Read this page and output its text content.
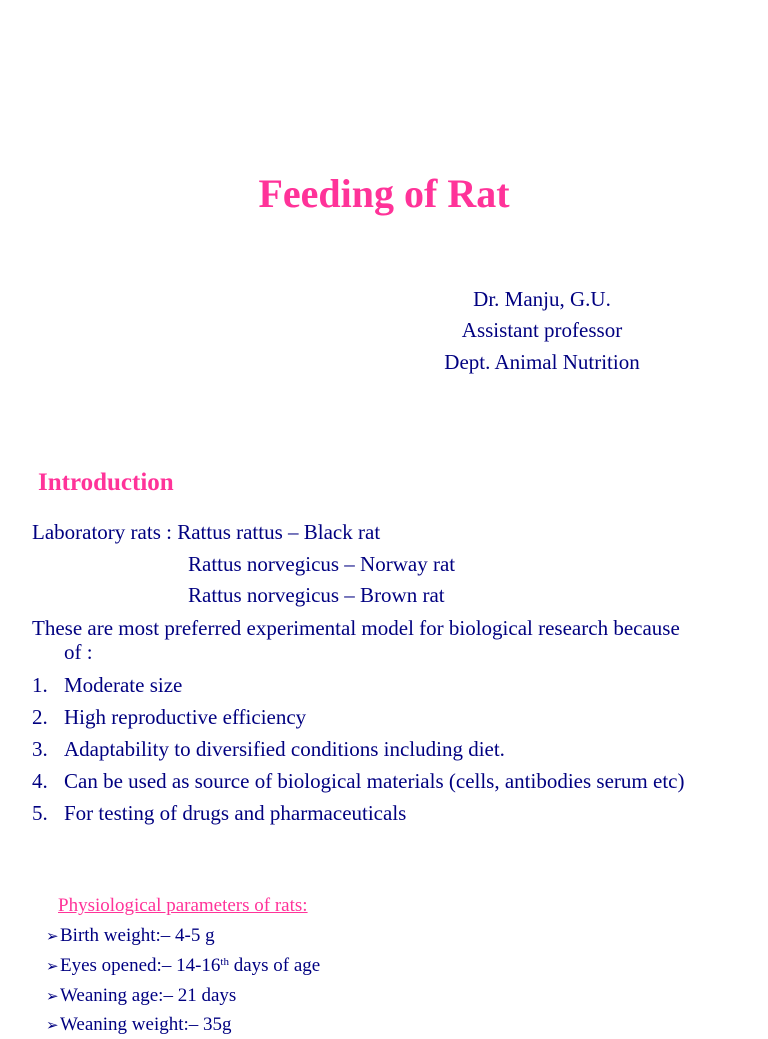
Feeding of Rat
Dr. Manju, G.U.
Assistant professor
Dept. Animal Nutrition
Introduction
Laboratory rats : Rattus rattus – Black rat
Rattus norvegicus – Norway rat
Rattus norvegicus – Brown rat
These are most preferred experimental model for biological research because
of :
1. Moderate size
2. High reproductive efficiency
3. Adaptability to diversified conditions including diet.
4. Can be used as source of biological materials (cells, antibodies serum etc)
5. For testing of drugs and pharmaceuticals
Physiological parameters of rats:
➢Birth weight:– 4-5 g
➢Eyes opened:– 14-16th days of age
➢Weaning age:– 21 days
➢Weaning weight:– 35g
